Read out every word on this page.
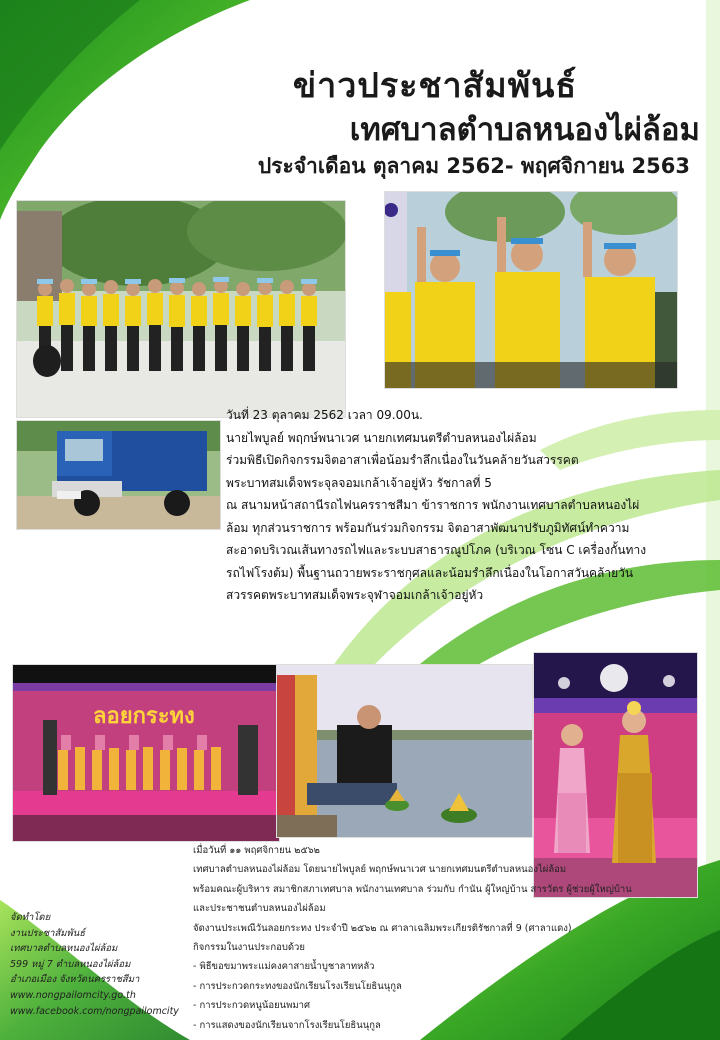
ข่าวประชาสัมพันธ์
เทศบาลตำบลหนองไผ่ล้อม
ประจำเดือน ตุลาคม 2562- พฤศจิกายน 2563
ลอยกระทง
วันที่ 23 ตุลาคม 2562 เวลา 09.00น.
นายไพบูลย์ พฤกษ์พนาเวศ นายกเทศมนตรีตำบลหนองไผ่ล้อม
ร่วมพิธีเปิดกิจกรรมจิตอาสาเพื่อน้อมรำลึกเนื่องในวันคล้ายวันสวรรคต
พระบาทสมเด็จพระจุลจอมเกล้าเจ้าอยู่หัว รัชกาลที่ 5
ณ สนามหน้าสถานีรถไฟนครราชสีมา ข้าราชการ พนักงานเทศบาลตำบลหนองไผ่
ล้อม ทุกส่วนราชการ พร้อมกันร่วมกิจกรรม จิตอาสาพัฒนาปรับภูมิทัศน์ทำความ
สะอาดบริเวณเส้นทางรถไฟและระบบสาธารณูปโภค (บริเวณ โซน C เครื่องกั้นทาง
รถไฟโรงต้ม) พื้นฐานถวายพระราชกุศลและน้อมรำลึกเนื่องในโอกาสวันคล้ายวัน
สวรรคตพระบาทสมเด็จพระจุฬาจอมเกล้าเจ้าอยู่หัว
เมื่อวันที่ ๑๑ พฤศจิกายน ๒๕๖๒
เทศบาลตำบลหนองไผ่ล้อม โดยนายไพบูลย์ พฤกษ์พนาเวศ นายกเทศมนตรีตำบลหนองไผ่ล้อม
พร้อมคณะผู้บริหาร สมาชิกสภาเทศบาล พนักงานเทศบาล ร่วมกับ กำนัน ผู้ใหญ่บ้าน สารวัตร ผู้ช่วยผู้ใหญ่บ้าน
และประชาชนตำบลหนองไผ่ล้อม
จัดงานประเพณีวันลอยกระทง ประจำปี ๒๕๖๒ ณ ศาลาเฉลิมพระเกียรติรัชกาลที่ 9 (ศาลาแดง)
กิจกรรมในงานประกอบด้วย
- พิธีขอขมาพระแม่คงคาสายน้ำบูชาลาทหลัว
- การประกวดกระทงของนักเรียนโรงเรียนโยธินนุกูล
- การประกวดหนูน้อยนพมาศ
- การแสดงของนักเรียนจากโรงเรียนโยธินนุกูล
จัดทำโดย
งานประชาสัมพันธ์
เทศบาลตำบลหนองไผ่ล้อม
599 หมู่ 7 ตำบลหนองไผ่ล้อม
อำเภอเมือง จังหวัดนครราชสีมา
www.nongpailomcity.go.th
www.facebook.com/nongpailomcity
